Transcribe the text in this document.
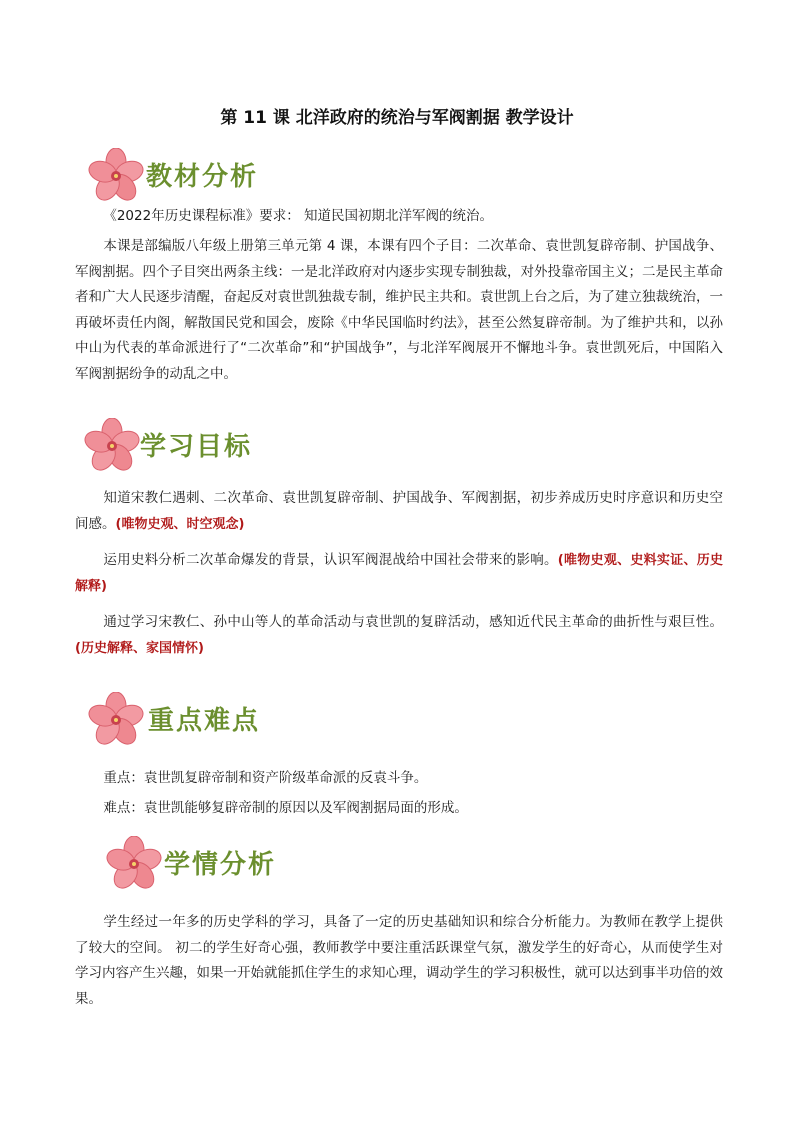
第 11 课 北洋政府的统治与军阀割据 教学设计
教材分析

《2022年历史课程标准》要求： 知道民国初期北洋军阀的统治。

本课是部编版八年级上册第三单元第 4 课，本课有四个子目：二次革命、袁世凯复辟帝制、护国战争、军阀割据。四个子目突出两条主线：一是北洋政府对内逐步实现专制独裁，对外投靠帝国主义；二是民主革命者和广大人民逐步清醒，奋起反对袁世凯独裁专制，维护民主共和。袁世凯上台之后，为了建立独裁统治，一再破坏责任内阁，解散国民党和国会，废除《中华民国临时约法》，甚至公然复辟帝制。为了维护共和，以孙中山为代表的革命派进行了“二次革命”和“护国战争”，与北洋军阀展开不懈地斗争。袁世凯死后，中国陷入军阀割据纷争的动乱之中。

学习目标

知道宋教仁遇刺、二次革命、袁世凯复辟帝制、护国战争、军阀割据，初步养成历史时序意识和历史空间感。(唯物史观、时空观念)

运用史料分析二次革命爆发的背景，认识军阀混战给中国社会带来的影响。(唯物史观、史料实证、历史解释)

通过学习宋教仁、孙中山等人的革命活动与袁世凯的复辟活动，感知近代民主革命的曲折性与艰巨性。(历史解释、家国情怀)

重点难点

重点：袁世凯复辟帝制和资产阶级革命派的反袁斗争。

难点：袁世凯能够复辟帝制的原因以及军阀割据局面的形成。

学情分析

学生经过一年多的历史学科的学习，具备了一定的历史基础知识和综合分析能力。为教师在教学上提供了较大的空间。 初二的学生好奇心强，教师教学中要注重活跃课堂气氛，激发学生的好奇心，从而使学生对学习内容产生兴趣，如果一开始就能抓住学生的求知心理，调动学生的学习积极性，就可以达到事半功倍的效果。
